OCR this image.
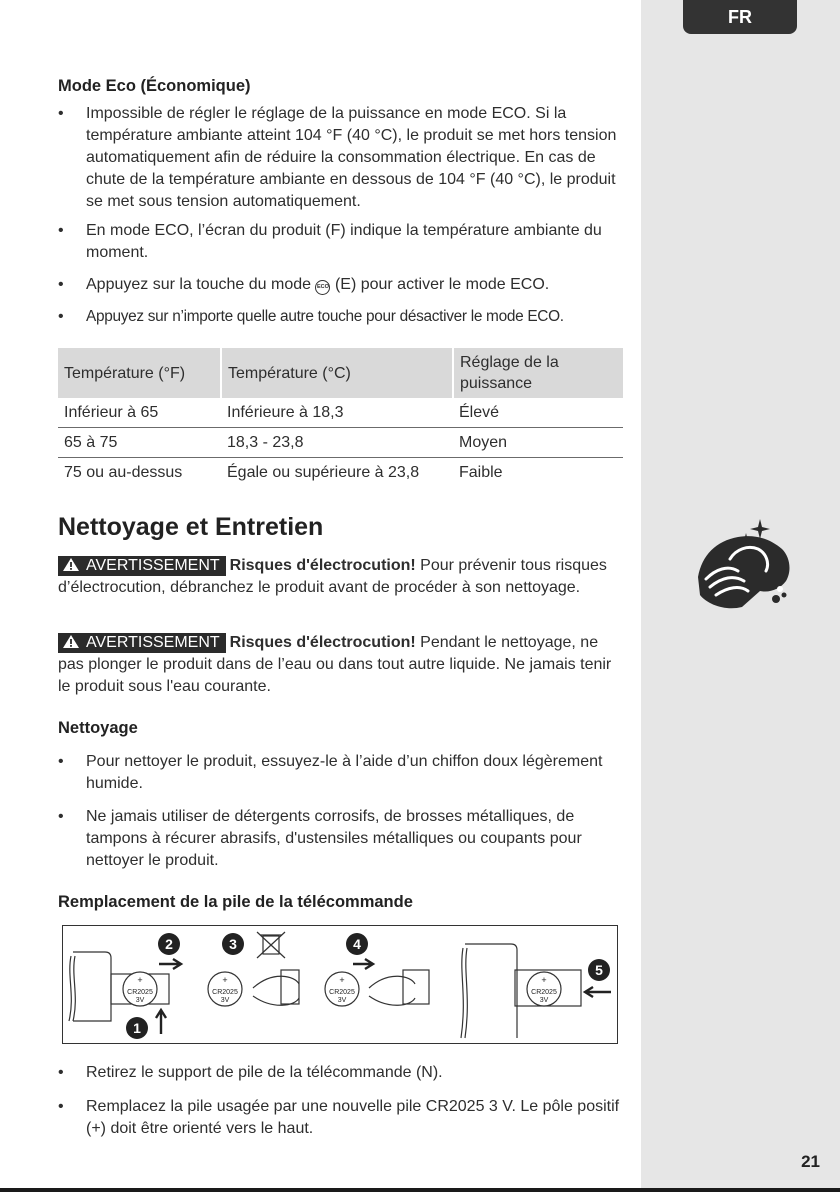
FR
Mode Eco (Économique)
• Impossible de régler le réglage de la puissance en mode ECO. Si la température ambiante atteint 104 °F (40 °C), le produit se met hors tension automatiquement afin de réduire la consommation électrique. En cas de chute de la température ambiante en dessous de 104 °F (40 °C), le produit se met sous tension automatiquement.
• En mode ECO, l’écran du produit (F) indique la température ambiante du moment.
• Appuyez sur la touche du mode ECO (E) pour activer le mode ECO.
• Appuyez sur n’importe quelle autre touche pour désactiver le mode ECO.
Température (°F)	Température (°C)	Réglage de la puissance
Inférieur à 65	Inférieure à 18,3	Élevé
65 à 75	18,3 - 23,8	Moyen
75 ou au-dessus	Égale ou supérieure à 23,8	Faible
Nettoyage et Entretien
AVERTISSEMENT Risques d'électrocution! Pour prévenir tous risques d’électrocution, débranchez le produit avant de procéder à son nettoyage.
AVERTISSEMENT Risques d'électrocution! Pendant le nettoyage, ne pas plonger le produit dans de l’eau ou dans tout autre liquide. Ne jamais tenir le produit sous l'eau courante.
Nettoyage
• Pour nettoyer le produit, essuyez-le à l’aide d’un chiffon doux légèrement humide.
• Ne jamais utiliser de détergents corrosifs, de brosses métalliques, de tampons à récurer abrasifs, d'ustensiles métalliques ou coupants pour nettoyer le produit.
Remplacement de la pile de la télécommande
+
CR2025
3V
1
2	3
+
CR2025
3V
4
+
CR2025
3V
+
CR2025
3V
5
• Retirez le support de pile de la télécommande (N).
• Remplacez la pile usagée par une nouvelle pile CR2025 3 V. Le pôle positif (+) doit être orienté vers le haut.
21
